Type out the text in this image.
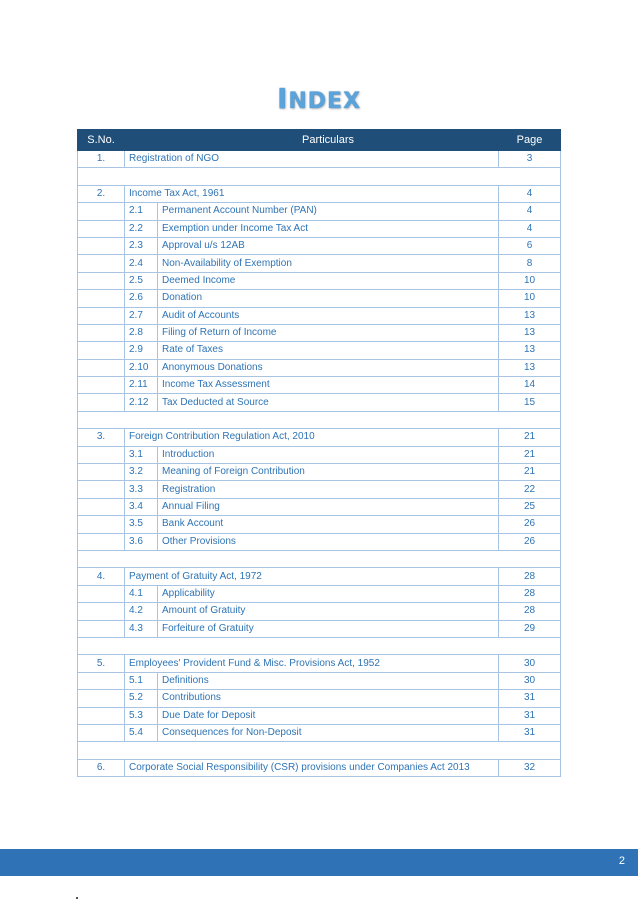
INDEX
S.No.		Particulars	Page
1.	Registration of NGO		3

2.	Income Tax Act, 1961		4
	2.1	Permanent Account Number (PAN)	4
	2.2	Exemption under Income Tax Act	4
	2.3	Approval u/s 12AB	6
	2.4	Non-Availability of Exemption	8
	2.5	Deemed Income	10
	2.6	Donation	10
	2.7	Audit of Accounts	13
	2.8	Filing of Return of Income	13
	2.9	Rate of Taxes	13
	2.10	Anonymous Donations	13
	2.11	Income Tax Assessment	14
	2.12	Tax Deducted at Source	15

3.	Foreign Contribution Regulation Act, 2010		21
	3.1	Introduction	21
	3.2	Meaning of Foreign Contribution	21
	3.3	Registration	22
	3.4	Annual Filing	25
	3.5	Bank Account	26
	3.6	Other Provisions	26

4.	Payment of Gratuity Act, 1972		28
	4.1	Applicability	28
	4.2	Amount of Gratuity	28
	4.3	Forfeiture of Gratuity	29

5.	Employees' Provident Fund & Misc. Provisions Act, 1952		30
	5.1	Definitions	30
	5.2	Contributions	31
	5.3	Due Date for Deposit	31
	5.4	Consequences for Non-Deposit	31

6.	Corporate Social Responsibility (CSR) provisions under Companies Act 2013		32
2
